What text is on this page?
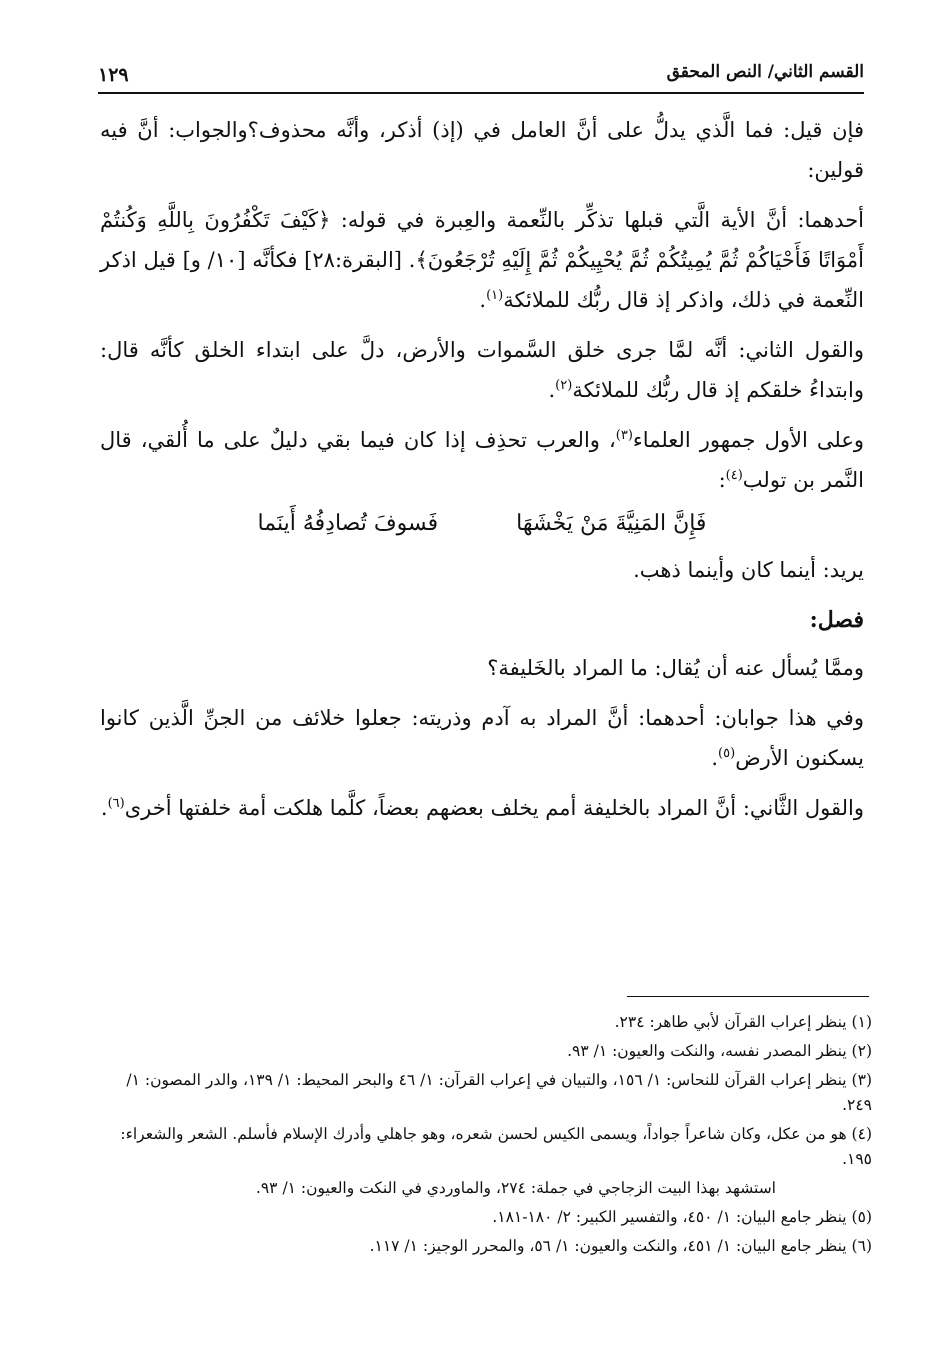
القسم الثاني/ النص المحقق
١٢٩

فإن قيل: فما الَّذي يدلُّ على أنَّ العامل في (إذ) أذكر، وأنَّه محذوف؟والجواب: أنَّ فيه قولين:

أحدهما: أنَّ الأية الَّتي قبلها تذكِّر بالنِّعمة والعِبرة في قوله: ﴿كَيْفَ تَكْفُرُونَ بِاللَّهِ وَكُنتُمْ أَمْوَاتًا فَأَحْيَاكُمْ ثُمَّ يُمِيتُكُمْ ثُمَّ يُحْيِيكُمْ ثُمَّ إِلَيْهِ تُرْجَعُونَ﴾. [البقرة:٢٨] فكأنَّه [١٠/ و] قيل اذكر النِّعمة في ذلك، واذكر إذ قال ربُّك للملائكة$^{(١)}$.

والقول الثاني: أنَّه لمَّا جرى خلق السَّموات والأرض، دلَّ على ابتداء الخلق كأنَّه قال: وابتداءُ خلقكم إذ قال ربُّك للملائكة$^{(٢)}$.

وعلى الأول جمهور العلماء$^{(٣)}$، والعرب تحذِف إذا كان فيما بقي دليلٌ على ما أُلقي، قال النَّمر بن تولب$^{(٤)}$:

فَإِنَّ المَنِيَّةَ مَنْ يَخْشَهَا
فَسوفَ تُصادِفُهُ أَينَما

يريد: أينما كان وأينما ذهب.

فصل:

وممَّا يُسأل عنه أن يُقال: ما المراد بالخَليفة؟

وفي هذا جوابان: أحدهما: أنَّ المراد به آدم وذريته: جعلوا خلائف من الجنِّ الَّذين كانوا يسكنون الأرض$^{(٥)}$.

والقول الثَّاني: أنَّ المراد بالخليفة أمم يخلف بعضهم بعضاً، كلَّما هلكت أمة خلفتها أخرى$^{(٦)}$.

(١) ينظر إعراب القرآن لأبي طاهر: ٢٣٤.

(٢) ينظر المصدر نفسه، والنكت والعيون: ١/ ٩٣.

(٣) ينظر إعراب القرآن للنحاس: ١/ ١٥٦، والتبيان في إعراب القرآن: ١/ ٤٦ والبحر المحيط: ١/ ١٣٩، والدر المصون: ١/ ٢٤٩.

(٤) هو من عكل، وكان شاعراً جواداً، ويسمى الكيس لحسن شعره، وهو جاهلي وأدرك الإسلام فأسلم. الشعر والشعراء: ١٩٥.

استشهد بهذا البيت الزجاجي في جملة: ٢٧٤، والماوردي في النكت والعيون: ١/ ٩٣.

(٥) ينظر جامع البيان: ١/ ٤٥٠، والتفسير الكبير: ٢/ ١٨٠-١٨١.

(٦) ينظر جامع البيان: ١/ ٤٥١، والنكت والعيون: ١/ ٥٦، والمحرر الوجيز: ١/ ١١٧.
